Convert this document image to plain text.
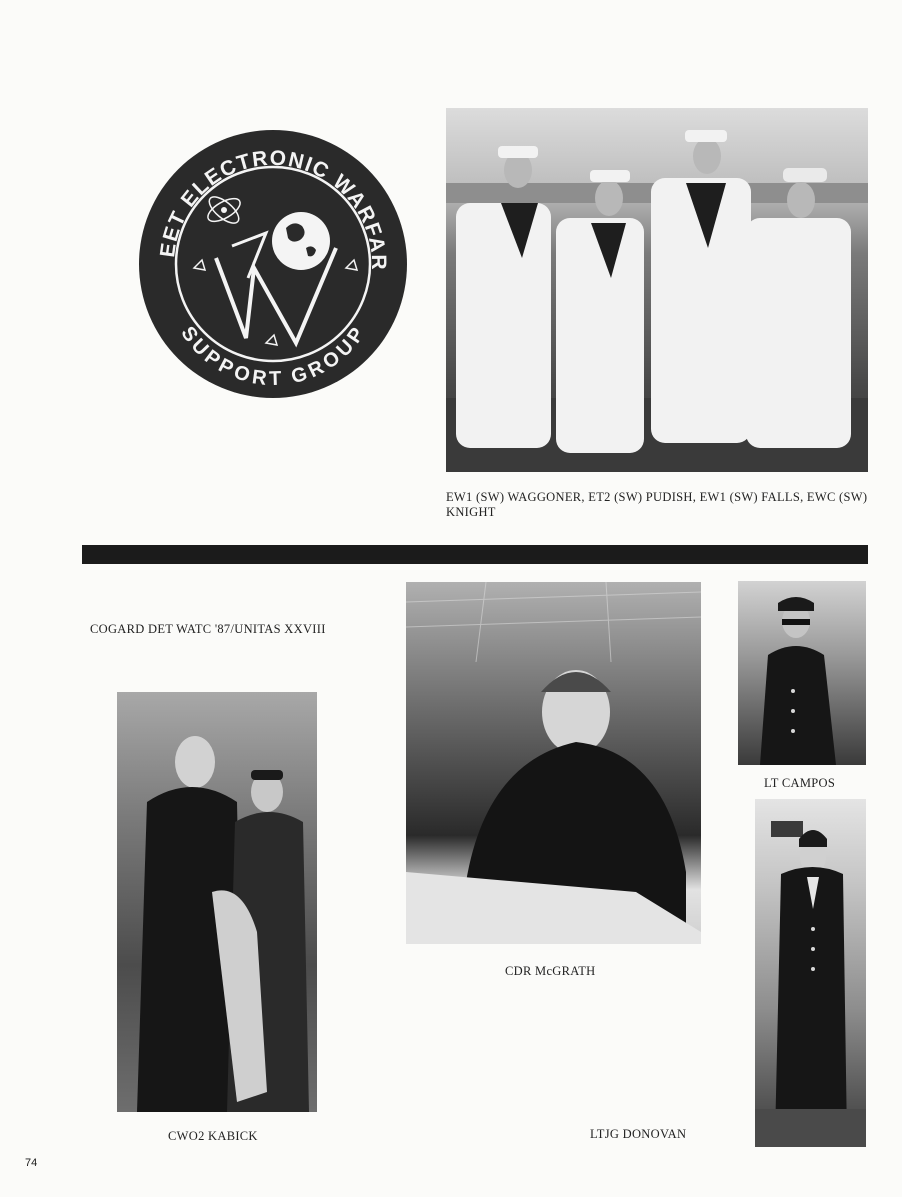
EET ELECTRONIC WARFAR
SUPPORT GROUP
EW1 (SW) WAGGONER, ET2 (SW) PUDISH, EW1 (SW) FALLS, EWC (SW) KNIGHT
COGARD DET WATC '87/UNITAS XXVIII
CDR McGRATH
LT CAMPOS
CWO2 KABICK	LTJG DONOVAN
74
